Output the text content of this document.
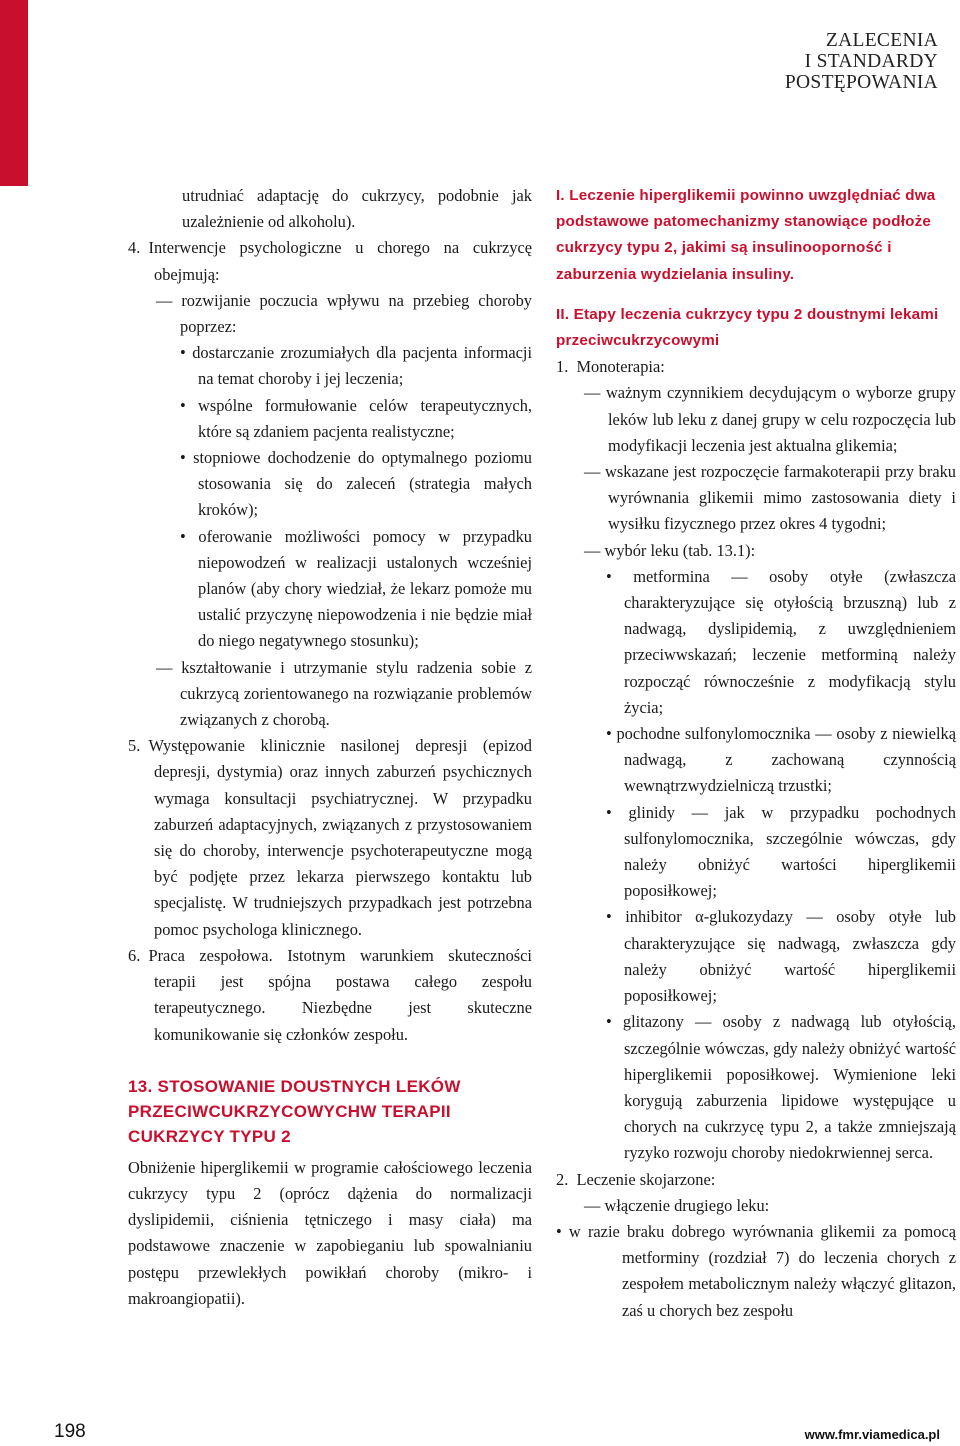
ZALECENIA
I STANDARDY
POSTĘPOWANIA
utrudniać adaptację do cukrzycy, podobnie jak uzależnienie od alkoholu).
4. Interwencje psychologiczne u chorego na cukrzycę obejmują:
— rozwijanie poczucia wpływu na przebieg choroby poprzez:
• dostarczanie zrozumiałych dla pacjenta informacji na temat choroby i jej leczenia;
• wspólne formułowanie celów terapeutycznych, które są zdaniem pacjenta realistyczne;
• stopniowe dochodzenie do optymalnego poziomu stosowania się do zaleceń (strategia małych kroków);
• oferowanie możliwości pomocy w przypadku niepowodzeń w realizacji ustalonych wcześniej planów (aby chory wiedział, że lekarz pomoże mu ustalić przyczynę niepowodzenia i nie będzie miał do niego negatywnego stosunku);
— kształtowanie i utrzymanie stylu radzenia sobie z cukrzycą zorientowanego na rozwiązanie problemów związanych z chorobą.
5. Występowanie klinicznie nasilonej depresji (epizod depresji, dystymia) oraz innych zaburzeń psychicznych wymaga konsultacji psychiatrycznej. W przypadku zaburzeń adaptacyjnych, związanych z przystosowaniem się do choroby, interwencje psychoterapeutyczne mogą być podjęte przez lekarza pierwszego kontaktu lub specjalistę. W trudniejszych przypadkach jest potrzebna pomoc psychologa klinicznego.
6. Praca zespołowa. Istotnym warunkiem skuteczności terapii jest spójna postawa całego zespołu terapeutycznego. Niezbędne jest skuteczne komunikowanie się członków zespołu.
13. STOSOWANIE DOUSTNYCH LEKÓW PRZECIWCUKRZYCOWYCHW TERAPII CUKRZYCY TYPU 2
Obniżenie hiperglikemii w programie całościowego leczenia cukrzycy typu 2 (oprócz dążenia do normalizacji dyslipidemii, ciśnienia tętniczego i masy ciała) ma podstawowe znaczenie w zapobieganiu lub spowalnianiu postępu przewlekłych powikłań choroby (mikro- i makroangiopatii).
I. Leczenie hiperglikemii powinno uwzględniać dwa podstawowe patomechanizmy stanowiące podłoże cukrzycy typu 2, jakimi są insulinooporność i zaburzenia wydzielania insuliny.
II. Etapy leczenia cukrzycy typu 2 doustnymi lekami przeciwcukrzycowymi
1. Monoterapia:
— ważnym czynnikiem decydującym o wyborze grupy leków lub leku z danej grupy w celu rozpoczęcia lub modyfikacji leczenia jest aktualna glikemia;
— wskazane jest rozpoczęcie farmakoterapii przy braku wyrównania glikemii mimo zastosowania diety i wysiłku fizycznego przez okres 4 tygodni;
— wybór leku (tab. 13.1):
• metformina — osoby otyłe (zwłaszcza charakteryzujące się otyłością brzuszną) lub z nadwagą, dyslipidemią, z uwzględnieniem przeciwwskazań; leczenie metforminą należy rozpocząć równocześnie z modyfikacją stylu życia;
• pochodne sulfonylomocznika — osoby z niewielką nadwagą, z zachowaną czynnością wewnątrzwydzielniczą trzustki;
• glinidy — jak w przypadku pochodnych sulfonylomocznika, szczególnie wówczas, gdy należy obniżyć wartości hiperglikemii poposiłkowej;
• inhibitor α-glukozydazy — osoby otyłe lub charakteryzujące się nadwagą, zwłaszcza gdy należy obniżyć wartość hiperglikemii poposiłkowej;
• glitazony — osoby z nadwagą lub otyłością, szczególnie wówczas, gdy należy obniżyć wartość hiperglikemii poposiłkowej. Wymienione leki korygują zaburzenia lipidowe występujące u chorych na cukrzycę typu 2, a także zmniejszają ryzyko rozwoju choroby niedokrwiennej serca.
2. Leczenie skojarzone:
— włączenie drugiego leku:
• w razie braku dobrego wyrównania glikemii za pomocą metforminy (rozdział 7) do leczenia chorych z zespołem metabolicznym należy włączyć glitazon, zaś u chorych bez zespołu
198	www.fmr.viamedica.pl
